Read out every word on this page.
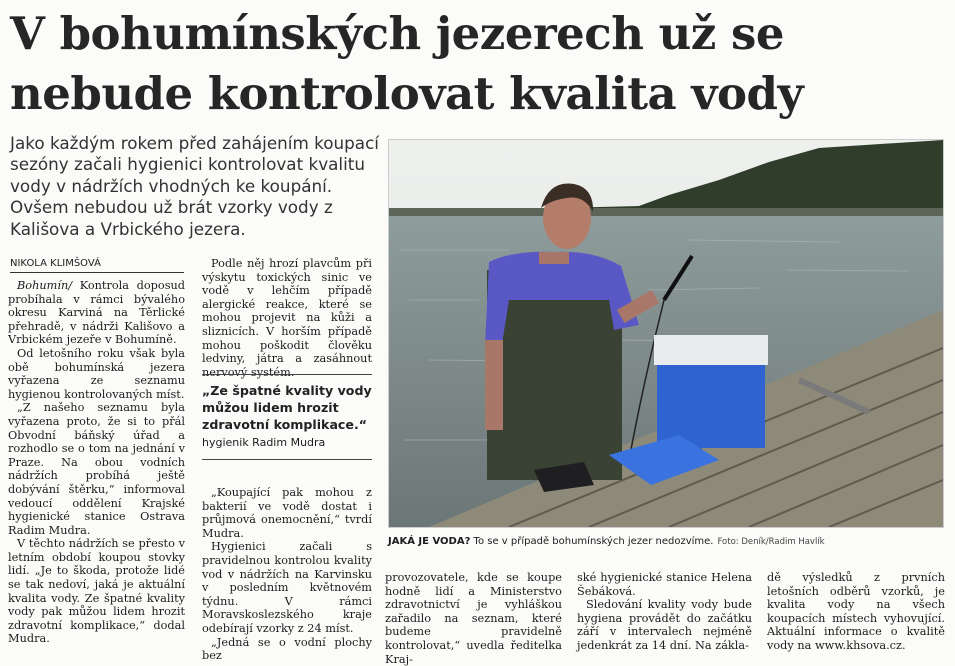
V bohumínských jezerech už se
nebude kontrolovat kvalita vody
Jako každým rokem před zahájením koupací sezóny začali hygienici kontrolovat kvalitu vody v nádržích vhodných ke koupání. Ovšem nebudou už brát vzorky vody z Kališova a Vrbického jezera.
NIKOLA KLIMŠOVÁ

Bohumín/ Kontrola doposud probíhala v rámci bývalého okresu Karviná na Těrlické přehradě, v nádrži Kališovo a Vrbickém jezeře v Bohumíně.

Od letošního roku však byla obě bohumínská jezera vyřazena ze seznamu hygienou kontrolovaných míst.

„Z našeho seznamu byla vyřazena proto, že si to přál Obvodní báňský úřad a rozhodlo se o tom na jednání v Praze. Na obou vodních nádržích probíhá ještě dobývání štěrku,“ informoval vedoucí oddělení Krajské hygienické stanice Ostrava Radim Mudra.

V těchto nádržích se přesto v letním období koupou stovky lidí. „Je to škoda, protože lidé se tak nedoví, jaká je aktuální kvalita vody. Ze špatné kvality vody pak můžou lidem hrozit zdravotní komplikace,“ dodal Mudra.

Podle něj hrozí plavcům při výskytu toxických sinic ve vodě v lehčím případě alergické reakce, které se mohou projevit na kůži a sliznicích. V horším případě mohou poškodit člověku ledviny, játra a zasáhnout nervový systém.

„Ze špatné kvality vody můžou lidem hrozit zdravotní komplikace.“
hygienik Radim Mudra

„Koupající pak mohou z bakterií ve vodě dostat i průjmová onemocnění,“ tvrdí Mudra.

Hygienici začali s pravidelnou kontrolou kvality vod v nádržích na Karvinsku v posledním květnovém týdnu. V rámci Moravskoslezského kraje odebírají vzorky z 24 míst.

„Jedná se o vodní plochy bez

JAKÁ JE VODA? To se v případě bohumínských jezer nedozvíme. Foto: Deník/Radim Havlík

provozovatele, kde se koupe hodně lidí a Ministerstvo zdravotnictví je vyhláškou zařadilo na seznam, které budeme pravidelně kontrolovat,“ uvedla ředitelka Kraj-

ské hygienické stanice Helena Šebáková.

Sledování kvality vody bude hygiena provádět do začátku září v intervalech nejméně jedenkrát za 14 dní. Na zákla-

dě výsledků z prvních letošních odběrů vzorků, je kvalita vody na všech koupacích místech vyhovující. Aktuální informace o kvalitě vody na www.khsova.cz.
